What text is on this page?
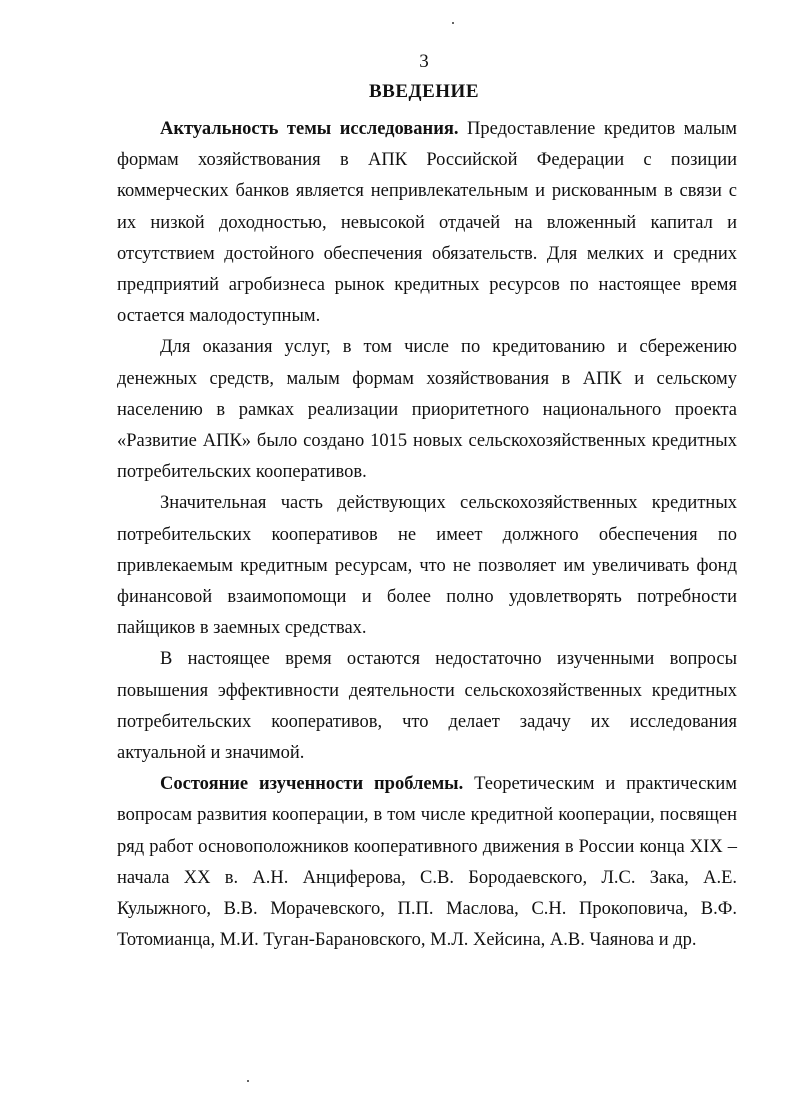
3
ВВЕДЕНИЕ

Актуальность темы исследования. Предоставление кредитов малым формам хозяйствования в АПК Российской Федерации с позиции коммерческих банков является непривлекательным и рискованным в связи с их низкой доходностью, невысокой отдачей на вложенный капитал и отсутствием достойного обеспечения обязательств. Для мелких и средних предприятий агробизнеса рынок кредитных ресурсов по настоящее время остается малодоступным.

Для оказания услуг, в том числе по кредитованию и сбережению денежных средств, малым формам хозяйствования в АПК и сельскому населению в рамках реализации приоритетного национального проекта «Развитие АПК» было создано 1015 новых сельскохозяйственных кредитных потребительских кооперативов.

Значительная часть действующих сельскохозяйственных кредитных потребительских кооперативов не имеет должного обеспечения по привлекаемым кредитным ресурсам, что не позволяет им увеличивать фонд финансовой взаимопомощи и более полно удовлетворять потребности пайщиков в заемных средствах.

В настоящее время остаются недостаточно изученными вопросы повышения эффективности деятельности сельскохозяйственных кредитных потребительских кооперативов, что делает задачу их исследования актуальной и значимой.

Состояние изученности проблемы. Теоретическим и практическим вопросам развития кооперации, в том числе кредитной кооперации, посвящен ряд работ основоположников кооперативного движения в России конца XIX – начала XX в. А.Н. Анциферова, С.В. Бородаевского, Л.С. Зака, А.Е. Кулыжного, В.В. Морачевского, П.П. Маслова, С.Н. Прокоповича, В.Ф. Тотомианца, М.И. Туган-Барановского, М.Л. Хейсина, А.В. Чаянова и др.
